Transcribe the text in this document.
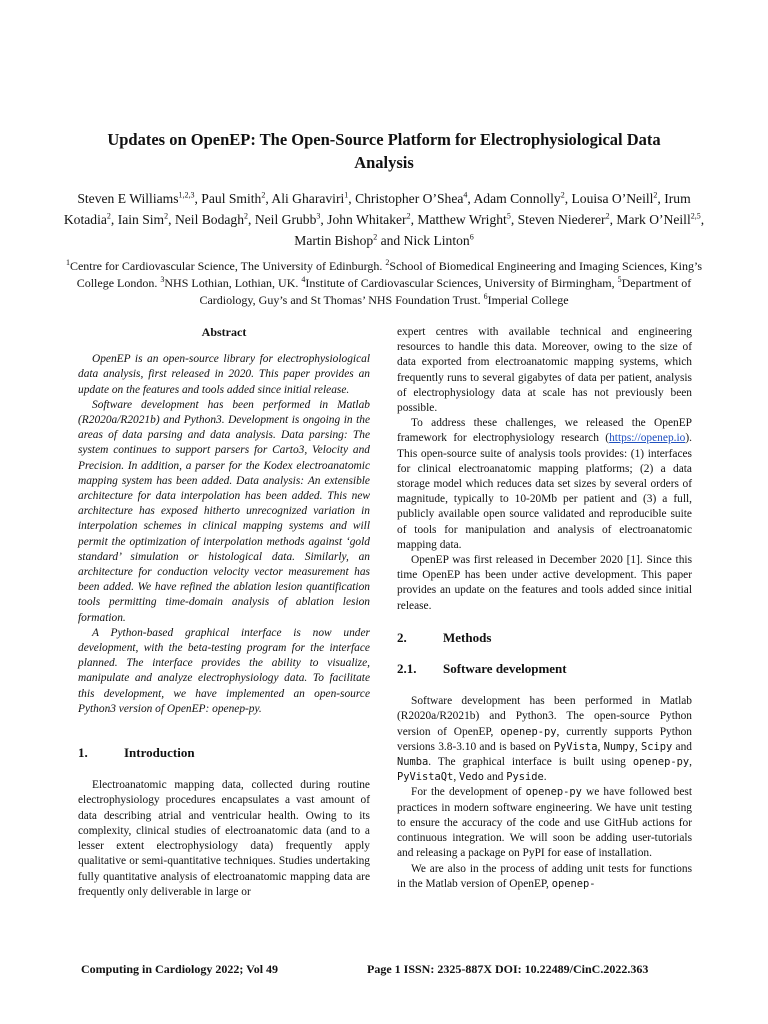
Updates on OpenEP: The Open-Source Platform for Electrophysiological Data
Analysis

Steven E Williams$^{1,2,3}$, Paul Smith$^2$, Ali Gharaviri$^1$, Christopher O’Shea$^4$, Adam Connolly$^2$, Louisa O’Neill$^2$, Irum Kotadia$^2$, Iain Sim$^2$, Neil Bodagh$^2$, Neil Grubb$^3$, John Whitaker$^2$, Matthew Wright$^5$, Steven Niederer$^2$, Mark O’Neill$^{2,5}$, Martin Bishop$^2$ and Nick Linton$^6$

$^1$Centre for Cardiovascular Science, The University of Edinburgh. $^2$School of Biomedical Engineering and Imaging Sciences, King’s College London. $^3$NHS Lothian, Lothian, UK. $^4$Institute of Cardiovascular Sciences, University of Birmingham, $^5$Department of Cardiology, Guy’s and St Thomas’ NHS Foundation Trust. $^6$Imperial College

Abstract

OpenEP is an open-source library for electrophysiological data analysis, first released in 2020. This paper provides an update on the features and tools added since initial release.

Software development has been performed in Matlab (R2020a/R2021b) and Python3. Development is ongoing in the areas of data parsing and data analysis. Data parsing: The system continues to support parsers for Carto3, Velocity and Precision. In addition, a parser for the Kodex electroanatomic mapping system has been added. Data analysis: An extensible architecture for data interpolation has been added. This new architecture has exposed hitherto unrecognized variation in interpolation schemes in clinical mapping systems and will permit the optimization of interpolation methods against ‘gold standard’ simulation or histological data. Similarly, an architecture for conduction velocity vector measurement has been added. We have refined the ablation lesion quantification tools permitting time-domain analysis of ablation lesion formation.

A Python-based graphical interface is now under development, with the beta-testing program for the interface planned. The interface provides the ability to visualize, manipulate and analyze electrophysiology data. To facilitate this development, we have implemented an open-source Python3 version of OpenEP: openep-py.

1.	Introduction

Electroanatomic mapping data, collected during routine electrophysiology procedures encapsulates a vast amount of data describing atrial and ventricular health. Owing to its complexity, clinical studies of electroanatomic data (and to a lesser extent electrophysiology data) frequently apply qualitative or semi-quantitative techniques. Studies undertaking fully quantitative analysis of electroanatomic mapping data are frequently only deliverable in large or

expert centres with available technical and engineering resources to handle this data. Moreover, owing to the size of data exported from electroanatomic mapping systems, which frequently runs to several gigabytes of data per patient, analysis of electrophysiology data at scale has not previously been possible.

To address these challenges, we released the OpenEP framework for electrophysiology research (https://openep.io). This open-source suite of analysis tools provides: (1) interfaces for clinical electroanatomic mapping platforms; (2) a data storage model which reduces data set sizes by several orders of magnitude, typically to 10-20Mb per patient and (3) a full, publicly available open source validated and reproducible suite of tools for manipulation and analysis of electroanatomic mapping data.

OpenEP was first released in December 2020 [1]. Since this time OpenEP has been under active development. This paper provides an update on the features and tools added since initial release.

2.	Methods

2.1.	Software development

Software development has been performed in Matlab (R2020a/R2021b) and Python3. The open-source Python version of OpenEP, openep-py, currently supports Python versions 3.8-3.10 and is based on PyVista, Numpy, Scipy and Numba. The graphical interface is built using openep-py, PyVistaQt, Vedo and Pyside.

For the development of openep-py we have followed best practices in modern software engineering. We have unit testing to ensure the accuracy of the code and use GitHub actions for continuous integration. We will soon be adding user-tutorials and releasing a package on PyPI for ease of installation.

We are also in the process of adding unit tests for functions in the Matlab version of OpenEP, openep-

Computing in Cardiology 2022; Vol 49	Page 1 ISSN: 2325-887X DOI: 10.22489/CinC.2022.363
